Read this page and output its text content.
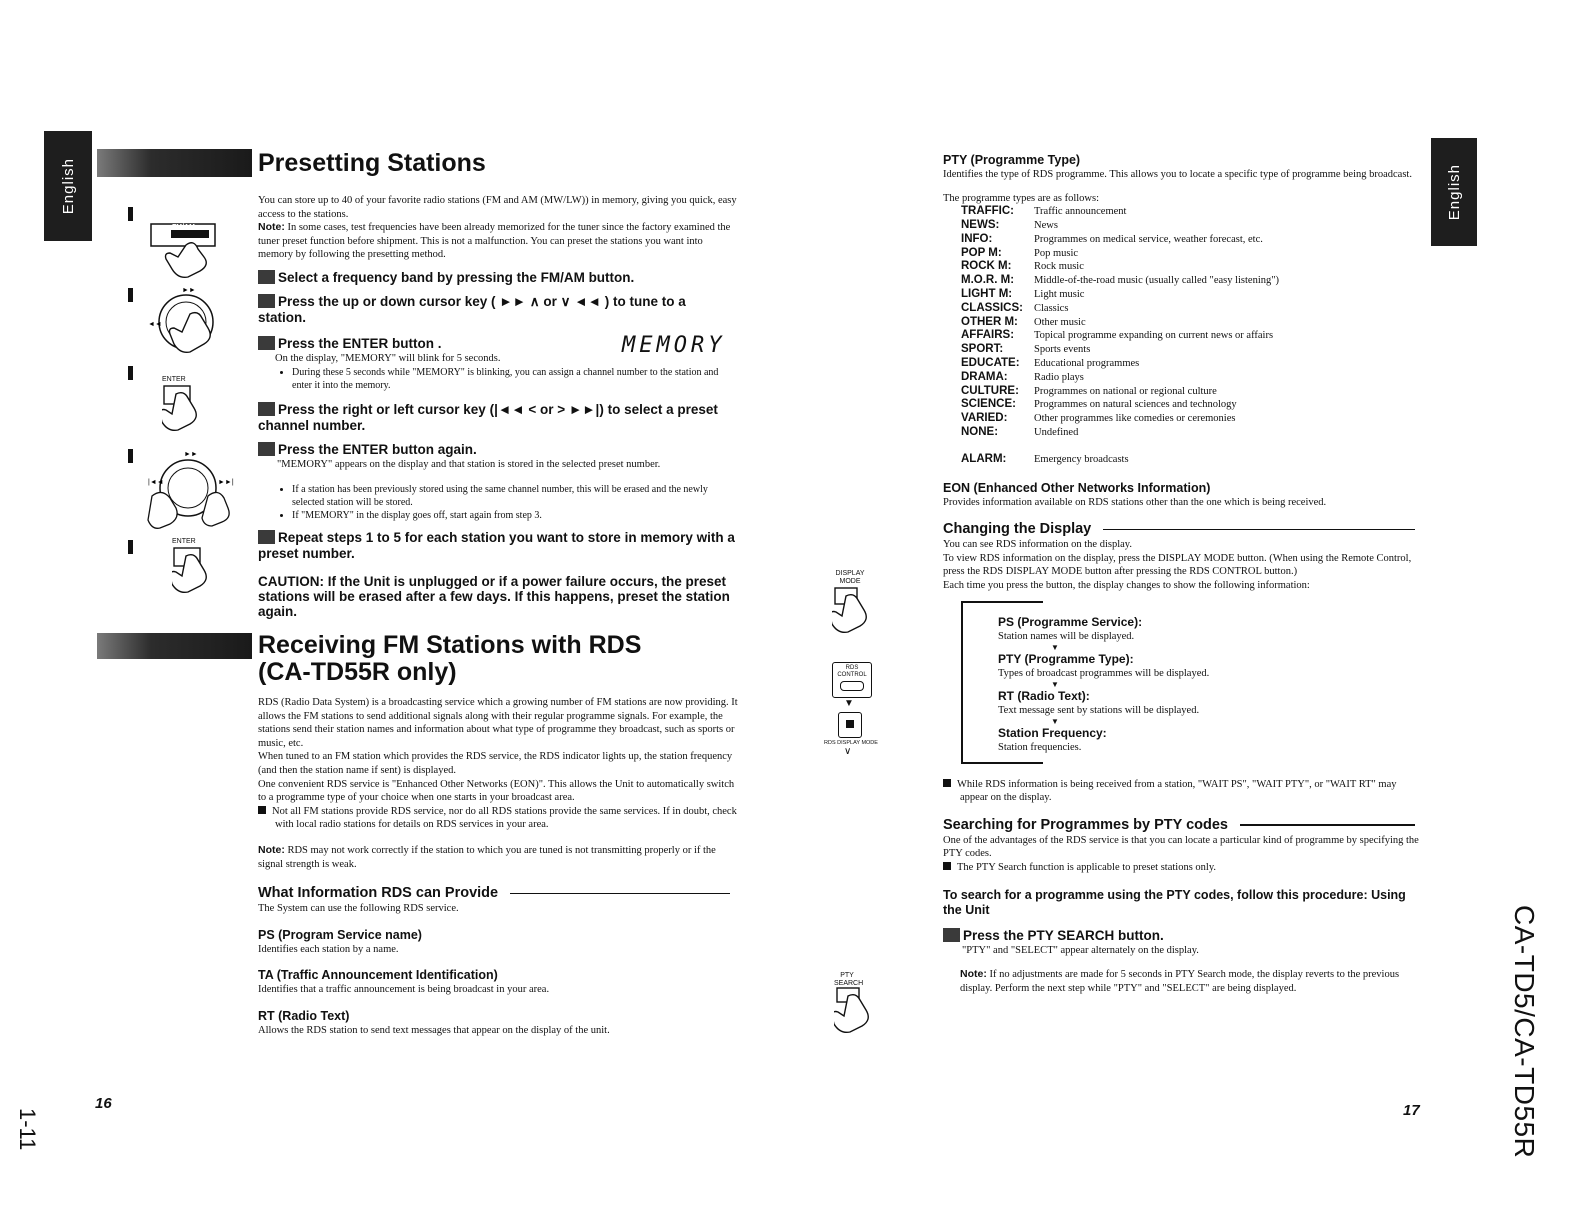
English	English
16	17
1-11	CA-TD5/CA-TD55R
Presetting Stations
FM/AM
►►
◄◄
ENTER
►►
|◄◄	►►|
ENTER

You can store up to 40 of your favorite radio stations (FM and AM (MW/LW)) in memory, giving you quick, easy access to the stations.

Note: In some cases, test frequencies have been already memorized for the tuner since the factory examined the tuner preset function before shipment. This is not a malfunction. You can preset the stations you want into memory by following the presetting method.

Select a frequency band by pressing the FM/AM button.
Press the up or down cursor key ( ►► ∧ or ∨ ◄◄ ) to tune to a station.
Press the ENTER button .	MEMORY

On the display, "MEMORY" will blink for 5 seconds.

• During these 5 seconds while "MEMORY" is blinking, you can assign a channel number to the station and enter it into the memory.
Press the right or left cursor key (|◄◄ < or > ►►|) to select a preset channel number.
Press the ENTER button again.

"MEMORY" appears on the display and that station is stored in the selected preset number.

• If a station has been previously stored using the same channel number, this will be erased and the newly selected station will be stored.
• If "MEMORY" in the display goes off, start again from step 3.
Repeat steps 1 to 5 for each station you want to store in memory with a preset number.

CAUTION: If the Unit is unplugged or if a power failure occurs, the preset stations will be erased after a few days. If this happens, preset the station again.

Receiving FM Stations with RDS
(CA-TD55R only)

RDS (Radio Data System) is a broadcasting service which a growing number of FM stations are now providing. It allows the FM stations to send additional signals along with their regular programme signals. For example, the stations send their station names and information about what type of programme they broadcast, such as sports or music, etc.

When tuned to an FM station which provides the RDS service, the RDS indicator lights up, the station frequency (and then the station name if sent) is displayed.

One convenient RDS service is "Enhanced Other Networks (EON)". This allows the Unit to automatically switch to a programme type of your choice when one starts in your broadcast area.

Not all FM stations provide RDS service, nor do all RDS stations provide the same services. If in doubt, check with local radio stations for details on RDS services in your area.

Note: RDS may not work correctly if the station to which you are tuned is not transmitting properly or if the signal strength is weak.

What Information RDS can Provide

The System can use the following RDS service.

PS (Program Service name)

Identifies each station by a name.

TA (Traffic Announcement Identification)

Identifies that a traffic announcement is being broadcast in your area.

RT (Radio Text)

Allows the RDS station to send text messages that appear on the display of the unit.

DISPLAY MODE
RDS CONTROL
▼
RDS DISPLAY MODE
∨
PTY SEARCH

PTY (Programme Type)

Identifies the type of RDS programme. This allows you to locate a specific type of programme being broadcast.

The programme types are as follows:

TRAFFIC:	Traffic announcement
NEWS:	News
INFO:	Programmes on medical service, weather forecast, etc.
POP M:	Pop music
ROCK M:	Rock music
M.O.R. M:	Middle-of-the-road music (usually called "easy listening")
LIGHT M:	Light music
CLASSICS:	Classics
OTHER M:	Other music
AFFAIRS:	Topical programme expanding on current news or affairs
SPORT:	Sports events
EDUCATE:	Educational programmes
DRAMA:	Radio plays
CULTURE:	Programmes on national or regional culture
SCIENCE:	Programmes on natural sciences and technology
VARIED:	Other programmes like comedies or ceremonies
NONE:	Undefined
ALARM:	Emergency broadcasts

EON (Enhanced Other Networks Information)

Provides information available on RDS stations other than the one which is being received.

Changing the Display

You can see RDS information on the display.

To view RDS information on the display, press the DISPLAY MODE button. (When using the Remote Control, press the RDS DISPLAY MODE button after pressing the RDS CONTROL button.)

Each time you press the button, the display changes to show the following information:

PS (Programme Service):
Station names will be displayed.
▼
PTY (Programme Type):
Types of broadcast programmes will be displayed.
▼
RT (Radio Text):
Text message sent by stations will be displayed.
▼
Station Frequency:
Station frequencies.

While RDS information is being received from a station, "WAIT PS", "WAIT PTY", or "WAIT RT" may appear on the display.

Searching for Programmes by PTY codes

One of the advantages of the RDS service is that you can locate a particular kind of programme by specifying the PTY codes.

The PTY Search function is applicable to preset stations only.

To search for a programme using the PTY codes, follow this procedure: Using the Unit

Press the PTY SEARCH button.

"PTY" and "SELECT" appear alternately on the display.

Note: If no adjustments are made for 5 seconds in PTY Search mode, the display reverts to the previous display. Perform the next step while "PTY" and "SELECT" are being displayed.
